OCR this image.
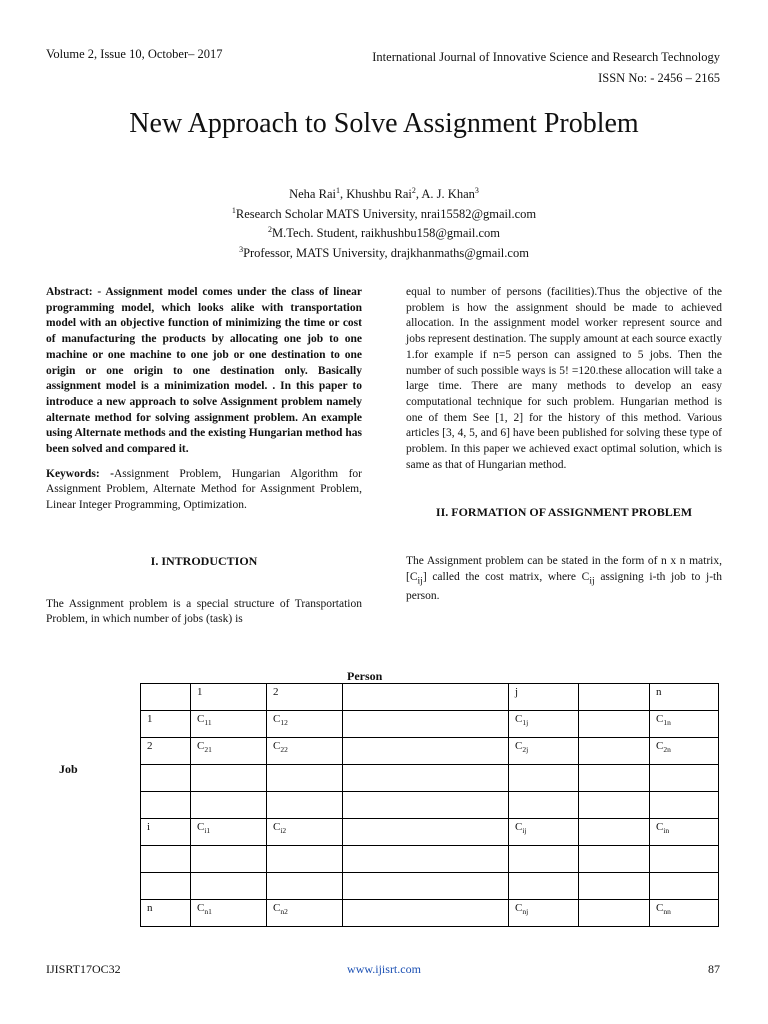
Volume 2, Issue 10, October– 2017	International Journal of Innovative Science and Research Technology
ISSN No: - 2456 – 2165
New Approach to Solve Assignment Problem
Neha Rai$^1$, Khushbu Rai$^2$, A. J. Khan$^3$
$^1$Research Scholar MATS University, nrai15582@gmail.com
$^2$M.Tech. Student, raikhushbu158@gmail.com
$^3$Professor, MATS University, drajkhanmaths@gmail.com

Abstract: - Assignment model comes under the class of linear programming model, which looks alike with transportation model with an objective function of minimizing the time or cost of manufacturing the products by allocating one job to one machine or one machine to one job or one destination to one origin or one origin to one destination only. Basically assignment model is a minimization model. . In this paper to introduce a new approach to solve Assignment problem namely alternate method for solving assignment problem. An example using Alternate methods and the existing Hungarian method has been solved and compared it.

Keywords: -Assignment Problem, Hungarian Algorithm for Assignment Problem, Alternate Method for Assignment Problem, Linear Integer Programming, Optimization.

I. INTRODUCTION

The Assignment problem is a special structure of Transportation Problem, in which number of jobs (task) is

equal to number of persons (facilities).Thus the objective of the problem is how the assignment should be made to achieved allocation. In the assignment model worker represent source and jobs represent destination. The supply amount at each source exactly 1.for example if n=5 person can assigned to 5 jobs. Then the number of such possible ways is 5! =120.these allocation will take a large time. There are many methods to develop an easy computational technique for such problem. Hungarian method is one of them See [1, 2] for the history of this method. Various articles [3, 4, 5, and 6] have been published for solving these type of problem. In this paper we achieved exact optimal solution, which is same as that of Hungarian method.

II. FORMATION OF ASSIGNMENT PROBLEM

The Assignment problem can be stated in the form of n x n matrix, $[C_{ij}]$ called the cost matrix, where $C_{ij}$ assigning i-th job to j-th person.

Person
Job
	1	2		j		n
1	$C_{11}$	$C_{12}$		$C_{1j}$		$C_{1n}$
2	$C_{21}$	$C_{22}$		$C_{2j}$		$C_{2n}$

i	$C_{i1}$	$C_{i2}$		$C_{ij}$		$C_{in}$

n	$C_{n1}$	$C_{n2}$		$C_{nj}$		$C_{nn}$
IJISRT17OC32	www.ijisrt.com	87
